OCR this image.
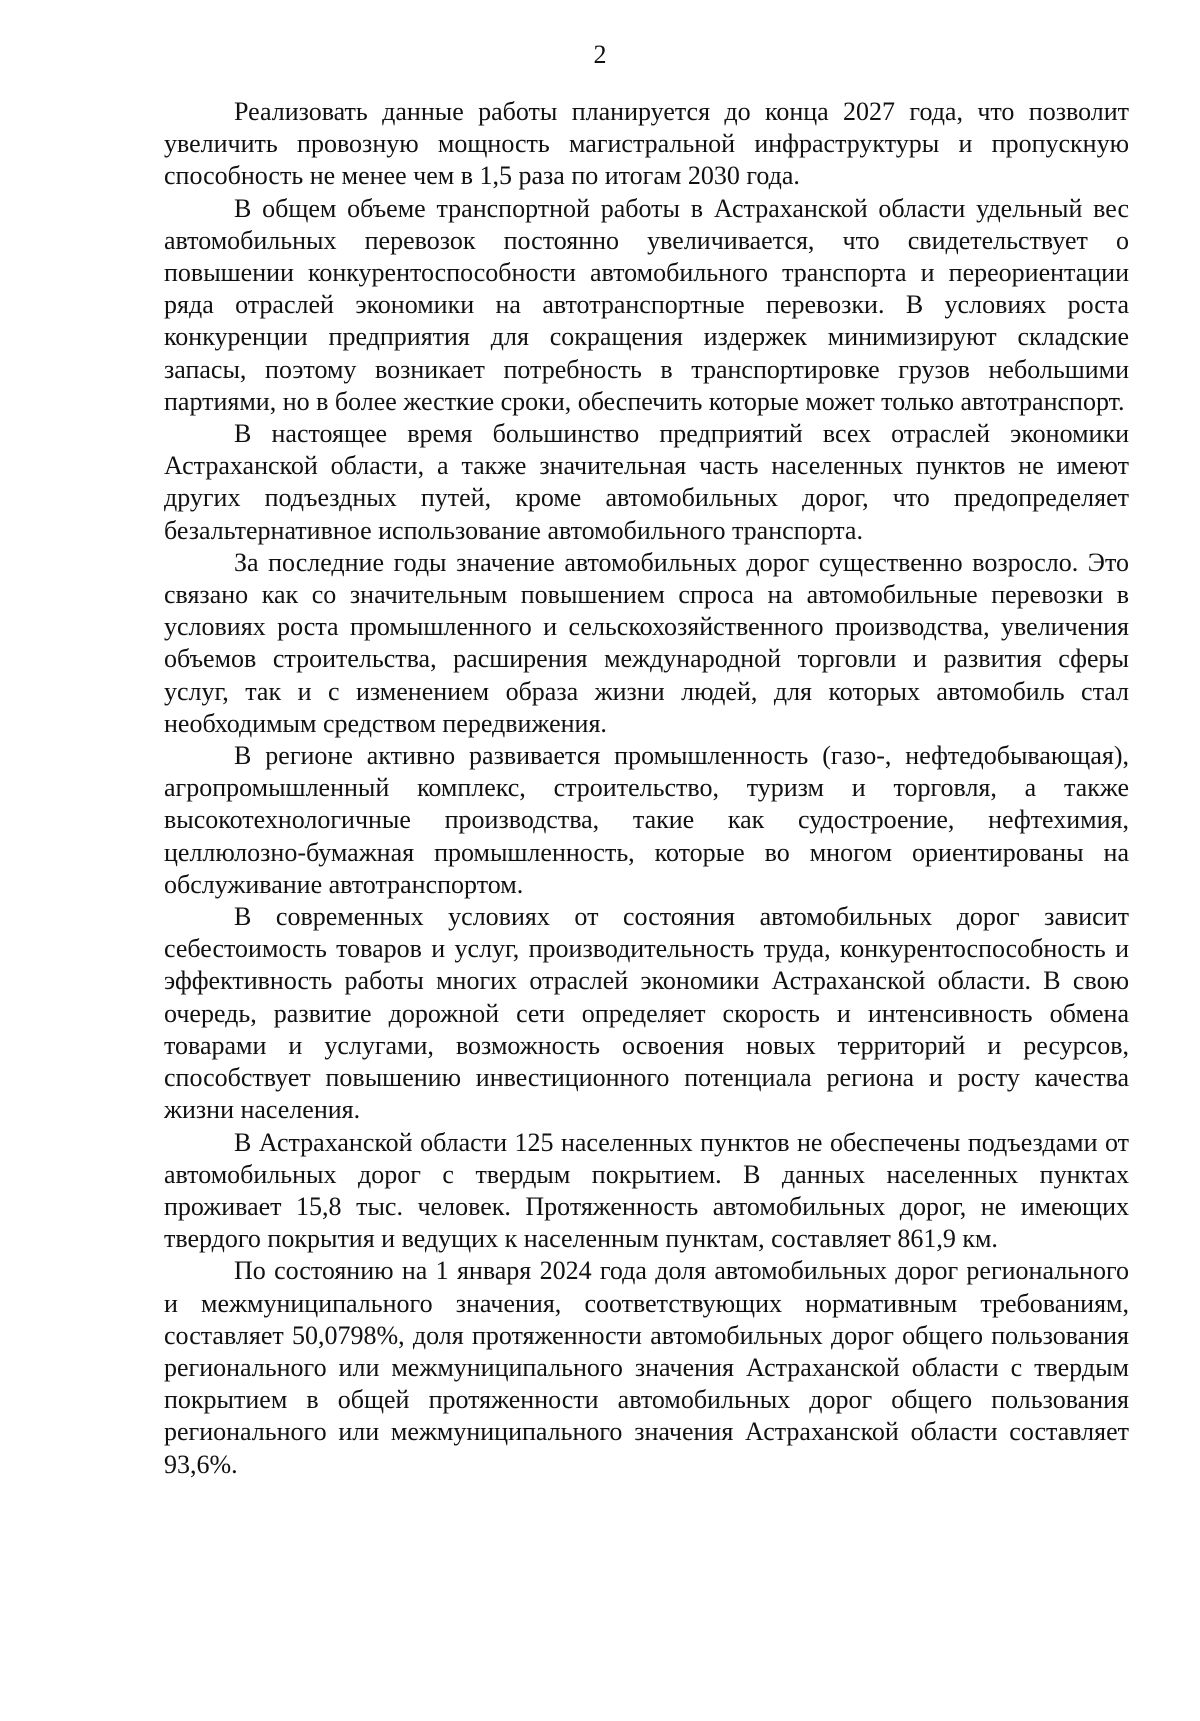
2

Реализовать данные работы планируется до конца 2027 года, что позволит увеличить провозную мощность магистральной инфраструктуры и пропускную способность не менее чем в 1,5 раза по итогам 2030 года.

В общем объеме транспортной работы в Астраханской области удельный вес автомобильных перевозок постоянно увеличивается, что свидетельствует о повышении конкурентоспособности автомобильного транспорта и переориентации ряда отраслей экономики на автотранспортные перевозки. В условиях роста конкуренции предприятия для сокращения издержек минимизируют складские запасы, поэтому возникает потребность в транспортировке грузов небольшими партиями, но в более жесткие сроки, обеспечить которые может только автотранспорт.

В настоящее время большинство предприятий всех отраслей экономики Астраханской области, а также значительная часть населенных пунктов не имеют других подъездных путей, кроме автомобильных дорог, что предопределяет безальтернативное использование автомобильного транспорта.

За последние годы значение автомобильных дорог существенно возросло. Это связано как со значительным повышением спроса на автомобильные перевозки в условиях роста промышленного и сельскохозяйственного производства, увеличения объемов строительства, расширения международной торговли и развития сферы услуг, так и с изменением образа жизни людей, для которых автомобиль стал необходимым средством передвижения.

В регионе активно развивается промышленность (газо-, нефтедобывающая), агропромышленный комплекс, строительство, туризм и торговля, а также высокотехнологичные производства, такие как судостроение, нефтехимия, целлюлозно-бумажная промышленность, которые во многом ориентированы на обслуживание автотранспортом.

В современных условиях от состояния автомобильных дорог зависит себестоимость товаров и услуг, производительность труда, конкурентоспособность и эффективность работы многих отраслей экономики Астраханской области. В свою очередь, развитие дорожной сети определяет скорость и интенсивность обмена товарами и услугами, возможность освоения новых территорий и ресурсов, способствует повышению инвестиционного потенциала региона и росту качества жизни населения.

В Астраханской области 125 населенных пунктов не обеспечены подъездами от автомобильных дорог с твердым покрытием. В данных населенных пунктах проживает 15,8 тыс. человек. Протяженность автомобильных дорог, не имеющих твердого покрытия и ведущих к населенным пунктам, составляет 861,9 км.

По состоянию на 1 января 2024 года доля автомобильных дорог регионального и межмуниципального значения, соответствующих нормативным требованиям, составляет 50,0798%, доля протяженности автомобильных дорог общего пользования регионального или межмуниципального значения Астраханской области с твердым покрытием в общей протяженности автомобильных дорог общего пользования регионального или межмуниципального значения Астраханской области составляет 93,6%.
